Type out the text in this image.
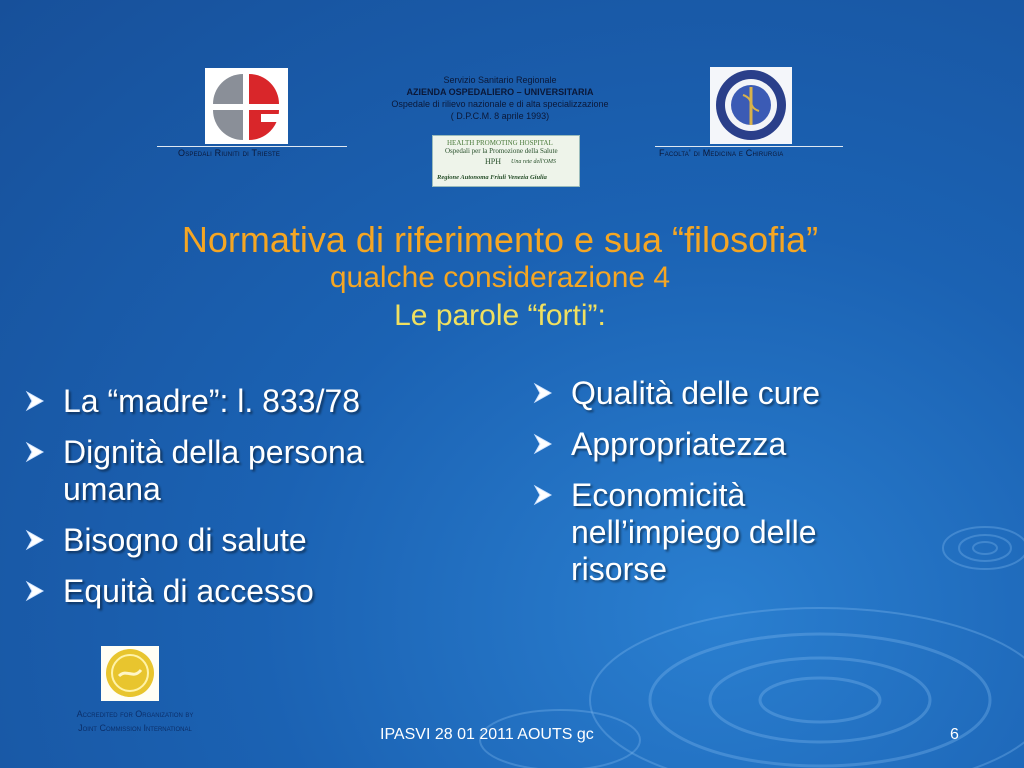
Ospedali Riuniti di Trieste
Servizio Sanitario Regionale
AZIENDA OSPEDALIERO – UNIVERSITARIA
Ospedale di rilievo nazionale e di alta specializzazione
( D.P.C.M. 8 aprile 1993)
HEALTH PROMOTING HOSPITAL
Ospedali per la Promozione della Salute
HPH Una rete dell'OMS
Regione Autonoma Friuli Venezia Giulia
Facolta' di Medicina e Chirurgia
Normativa di riferimento e sua “filosofia”
qualche considerazione 4
Le parole “forti”:
La “madre”: l. 833/78
Dignità della persona umana
Bisogno di salute
Equità di accesso
Qualità delle cure
Appropriatezza
Economicità nell’impiego delle risorse
Accredited for Organization by
Joint Commission International	IPASVI 28 01 2011 AOUTS gc	6
